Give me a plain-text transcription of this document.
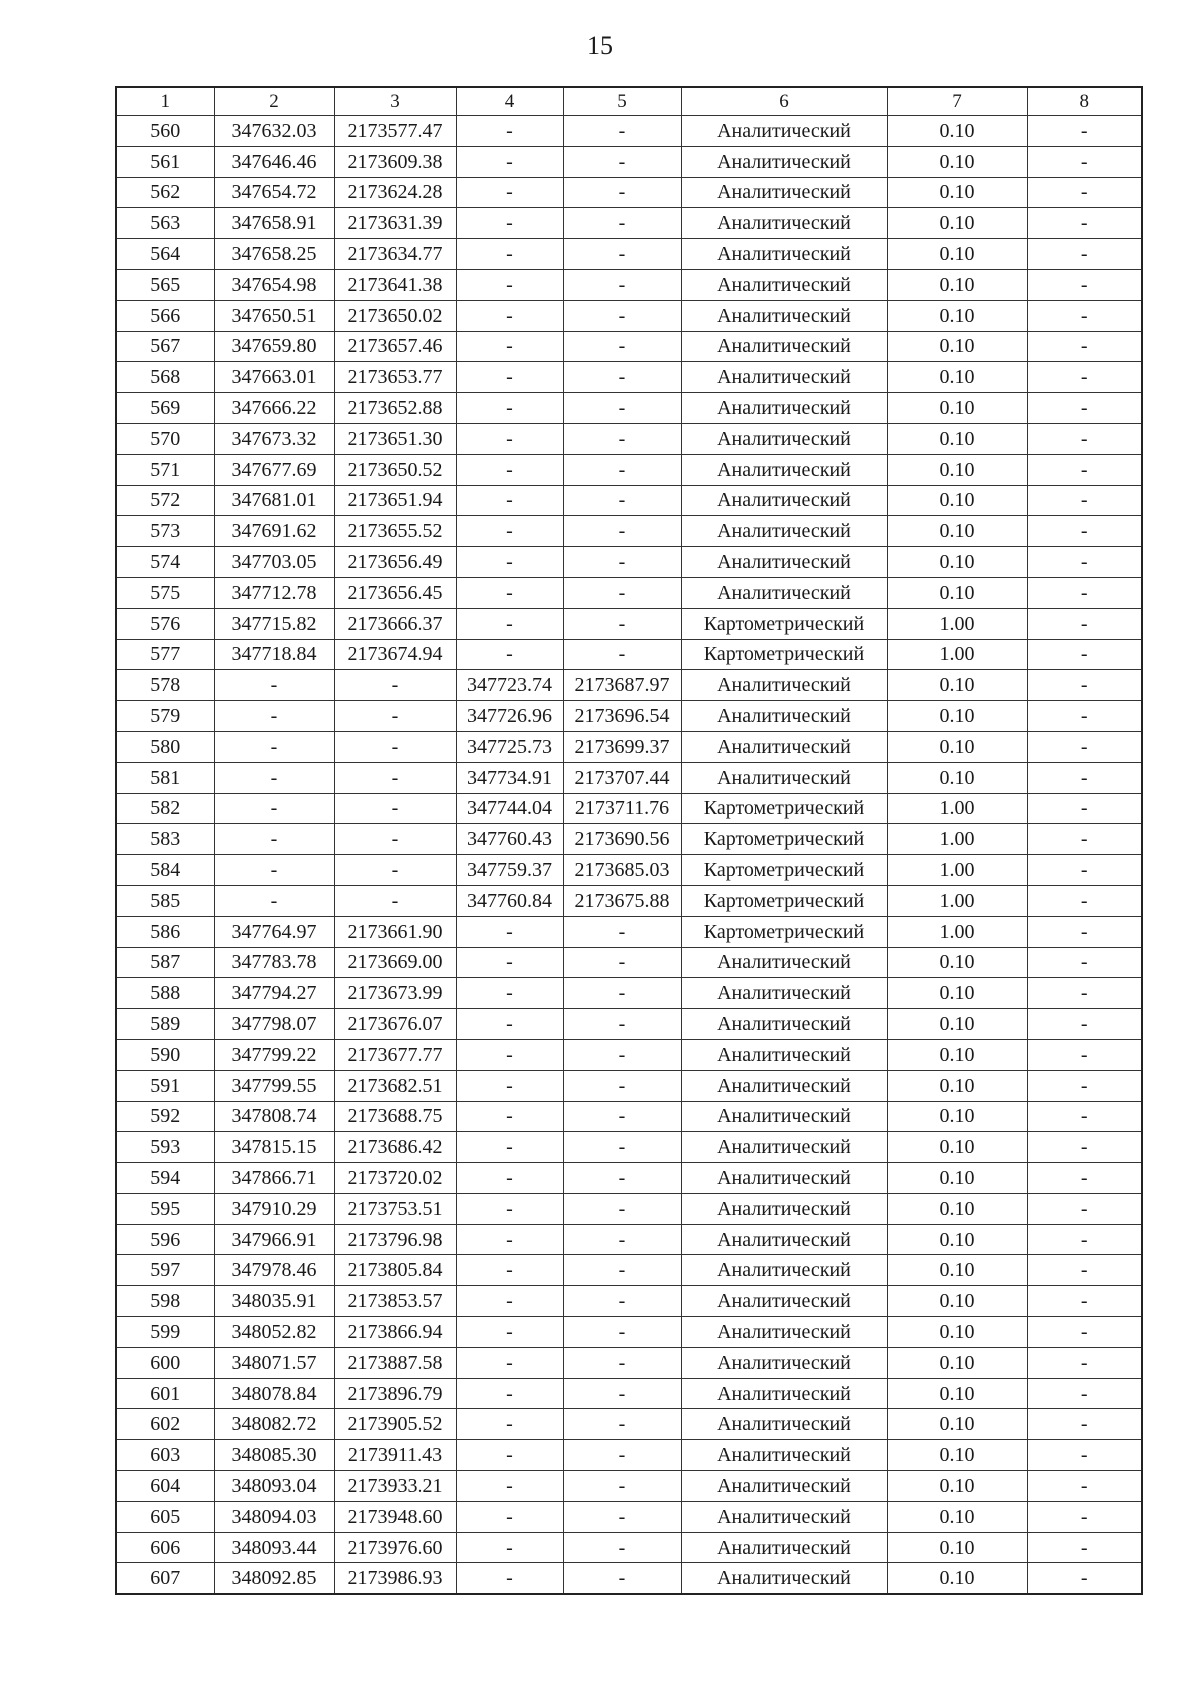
15
1	2	3	4	5	6	7	8
560	347632.03	2173577.47	-	-	Аналитический	0.10	-
561	347646.46	2173609.38	-	-	Аналитический	0.10	-
562	347654.72	2173624.28	-	-	Аналитический	0.10	-
563	347658.91	2173631.39	-	-	Аналитический	0.10	-
564	347658.25	2173634.77	-	-	Аналитический	0.10	-
565	347654.98	2173641.38	-	-	Аналитический	0.10	-
566	347650.51	2173650.02	-	-	Аналитический	0.10	-
567	347659.80	2173657.46	-	-	Аналитический	0.10	-
568	347663.01	2173653.77	-	-	Аналитический	0.10	-
569	347666.22	2173652.88	-	-	Аналитический	0.10	-
570	347673.32	2173651.30	-	-	Аналитический	0.10	-
571	347677.69	2173650.52	-	-	Аналитический	0.10	-
572	347681.01	2173651.94	-	-	Аналитический	0.10	-
573	347691.62	2173655.52	-	-	Аналитический	0.10	-
574	347703.05	2173656.49	-	-	Аналитический	0.10	-
575	347712.78	2173656.45	-	-	Аналитический	0.10	-
576	347715.82	2173666.37	-	-	Картометрический	1.00	-
577	347718.84	2173674.94	-	-	Картометрический	1.00	-
578	-	-	347723.74	2173687.97	Аналитический	0.10	-
579	-	-	347726.96	2173696.54	Аналитический	0.10	-
580	-	-	347725.73	2173699.37	Аналитический	0.10	-
581	-	-	347734.91	2173707.44	Аналитический	0.10	-
582	-	-	347744.04	2173711.76	Картометрический	1.00	-
583	-	-	347760.43	2173690.56	Картометрический	1.00	-
584	-	-	347759.37	2173685.03	Картометрический	1.00	-
585	-	-	347760.84	2173675.88	Картометрический	1.00	-
586	347764.97	2173661.90	-	-	Картометрический	1.00	-
587	347783.78	2173669.00	-	-	Аналитический	0.10	-
588	347794.27	2173673.99	-	-	Аналитический	0.10	-
589	347798.07	2173676.07	-	-	Аналитический	0.10	-
590	347799.22	2173677.77	-	-	Аналитический	0.10	-
591	347799.55	2173682.51	-	-	Аналитический	0.10	-
592	347808.74	2173688.75	-	-	Аналитический	0.10	-
593	347815.15	2173686.42	-	-	Аналитический	0.10	-
594	347866.71	2173720.02	-	-	Аналитический	0.10	-
595	347910.29	2173753.51	-	-	Аналитический	0.10	-
596	347966.91	2173796.98	-	-	Аналитический	0.10	-
597	347978.46	2173805.84	-	-	Аналитический	0.10	-
598	348035.91	2173853.57	-	-	Аналитический	0.10	-
599	348052.82	2173866.94	-	-	Аналитический	0.10	-
600	348071.57	2173887.58	-	-	Аналитический	0.10	-
601	348078.84	2173896.79	-	-	Аналитический	0.10	-
602	348082.72	2173905.52	-	-	Аналитический	0.10	-
603	348085.30	2173911.43	-	-	Аналитический	0.10	-
604	348093.04	2173933.21	-	-	Аналитический	0.10	-
605	348094.03	2173948.60	-	-	Аналитический	0.10	-
606	348093.44	2173976.60	-	-	Аналитический	0.10	-
607	348092.85	2173986.93	-	-	Аналитический	0.10	-
